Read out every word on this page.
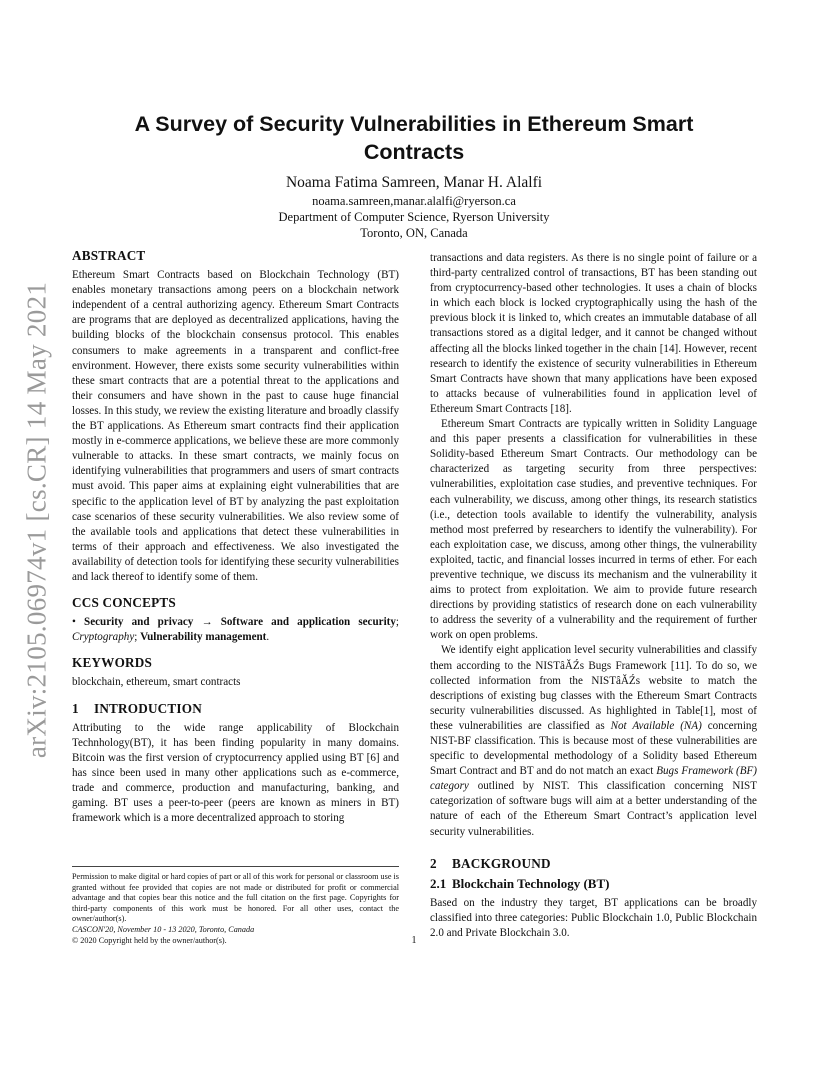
arXiv:2105.06974v1 [cs.CR] 14 May 2021
A Survey of Security Vulnerabilities in Ethereum Smart Contracts
Noama Fatima Samreen, Manar H. Alalfi
noama.samreen,manar.alalfi@ryerson.ca
Department of Computer Science, Ryerson University
Toronto, ON, Canada
ABSTRACT

Ethereum Smart Contracts based on Blockchain Technology (BT) enables monetary transactions among peers on a blockchain network independent of a central authorizing agency. Ethereum Smart Contracts are programs that are deployed as decentralized applications, having the building blocks of the blockchain consensus protocol. This enables consumers to make agreements in a transparent and conflict-free environment. However, there exists some security vulnerabilities within these smart contracts that are a potential threat to the applications and their consumers and have shown in the past to cause huge financial losses. In this study, we review the existing literature and broadly classify the BT applications. As Ethereum smart contracts find their application mostly in e-commerce applications, we believe these are more commonly vulnerable to attacks. In these smart contracts, we mainly focus on identifying vulnerabilities that programmers and users of smart contracts must avoid. This paper aims at explaining eight vulnerabilities that are specific to the application level of BT by analyzing the past exploitation case scenarios of these security vulnerabilities. We also review some of the available tools and applications that detect these vulnerabilities in terms of their approach and effectiveness. We also investigated the availability of detection tools for identifying these security vulnerabilities and lack thereof to identify some of them.

CCS CONCEPTS

• Security and privacy → Software and application security; Cryptography; Vulnerability management.

KEYWORDS

blockchain, ethereum, smart contracts

1 INTRODUCTION

Attributing to the wide range applicability of Blockchain Technhology(BT), it has been finding popularity in many domains. Bitcoin was the first version of cryptocurrency applied using BT [6] and has since been used in many other applications such as e-commerce, trade and commerce, production and manufacturing, banking, and gaming. BT uses a peer-to-peer (peers are known as miners in BT) framework which is a more decentralized approach to storing

transactions and data registers. As there is no single point of failure or a third-party centralized control of transactions, BT has been standing out from cryptocurrency-based other technologies. It uses a chain of blocks in which each block is locked cryptographically using the hash of the previous block it is linked to, which creates an immutable database of all transactions stored as a digital ledger, and it cannot be changed without affecting all the blocks linked together in the chain [14]. However, recent research to identify the existence of security vulnerabilities in Ethereum Smart Contracts have shown that many applications have been exposed to attacks because of vulnerabilities found in application level of Ethereum Smart Contracts [18].

Ethereum Smart Contracts are typically written in Solidity Language and this paper presents a classification for vulnerabilities in these Solidity-based Ethereum Smart Contracts. Our methodology can be characterized as targeting security from three perspectives: vulnerabilities, exploitation case studies, and preventive techniques. For each vulnerability, we discuss, among other things, its research statistics (i.e., detection tools available to identify the vulnerability, analysis method most preferred by researchers to identify the vulnerability). For each exploitation case, we discuss, among other things, the vulnerability exploited, tactic, and financial losses incurred in terms of ether. For each preventive technique, we discuss its mechanism and the vulnerability it aims to protect from exploitation. We aim to provide future research directions by providing statistics of research done on each vulnerability to address the severity of a vulnerability and the requirement of further work on open problems.

We identify eight application level security vulnerabilities and classify them according to the NISTâĂŹs Bugs Framework [11]. To do so, we collected information from the NISTâĂŹs website to match the descriptions of existing bug classes with the Ethereum Smart Contracts security vulnerabilities discussed. As highlighted in Table[1], most of these vulnerabilities are classified as Not Available (NA) concerning NIST-BF classification. This is because most of these vulnerabilities are specific to developmental methodology of a Solidity based Ethereum Smart Contract and BT and do not match an exact Bugs Framework (BF) category outlined by NIST. This classification concerning NIST categorization of software bugs will aim at a better understanding of the nature of each of the Ethereum Smart Contract’s application level security vulnerabilities.

2 BACKGROUND
2.1 Blockchain Technology (BT)

Based on the industry they target, BT applications can be broadly classified into three categories: Public Blockchain 1.0, Public Blockchain 2.0 and Private Blockchain 3.0.

Permission to make digital or hard copies of part or all of this work for personal or classroom use is granted without fee provided that copies are not made or distributed for profit or commercial advantage and that copies bear this notice and the full citation on the first page. Copyrights for third-party components of this work must be honored. For all other uses, contact the owner/author(s).

CASCON'20, November 10 - 13 2020, Toronto, Canada

© 2020 Copyright held by the owner/author(s).	1
